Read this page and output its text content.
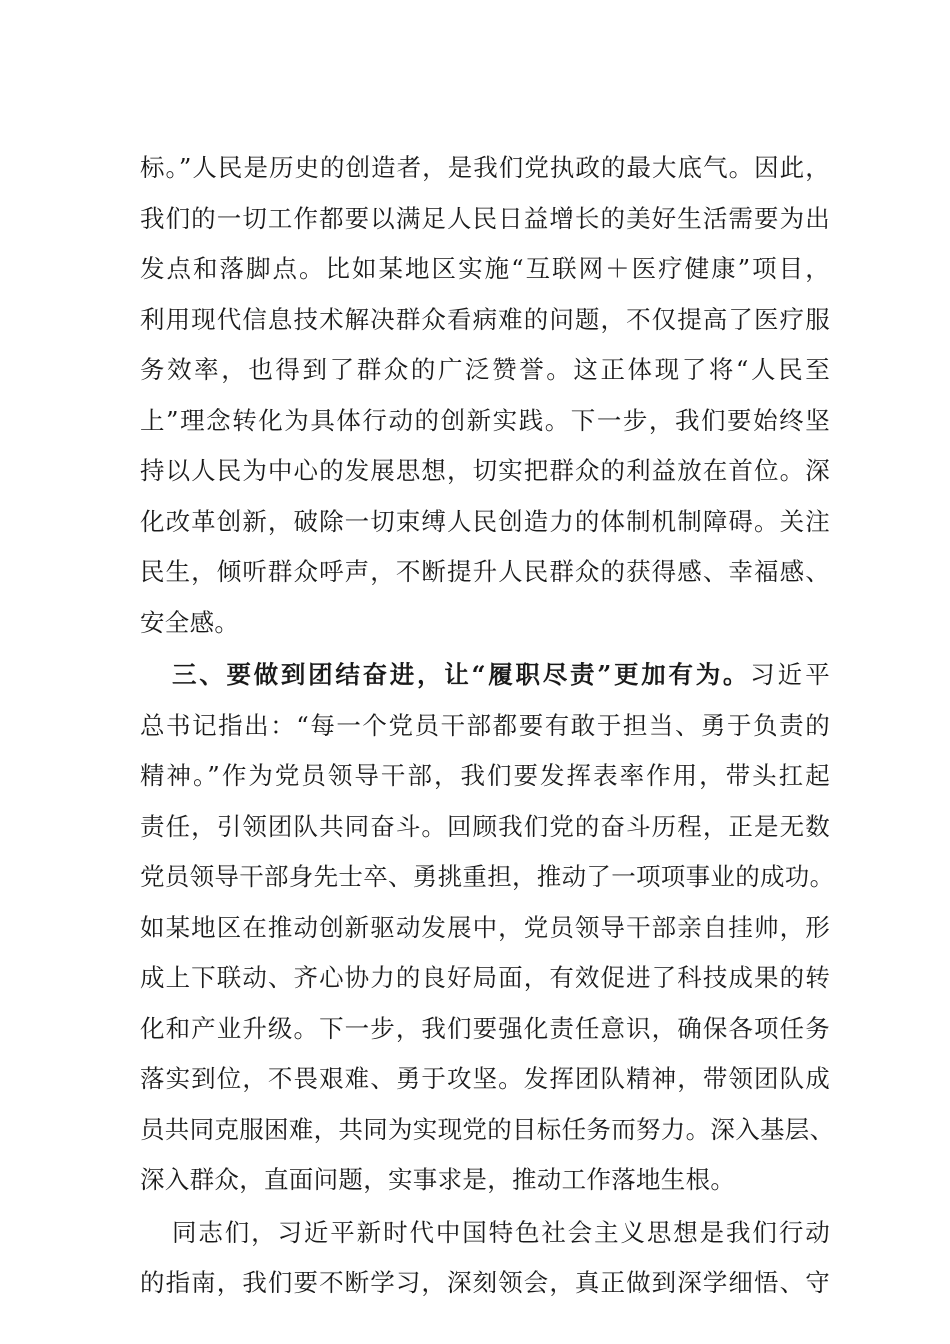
标。”人民是历史的创造者，是我们党执政的最大底气。因此，
我们的一切工作都要以满足人民日益增长的美好生活需要为出
发点和落脚点。比如某地区实施“互联网＋医疗健康”项目，
利用现代信息技术解决群众看病难的问题，不仅提高了医疗服
务效率，也得到了群众的广泛赞誉。这正体现了将“人民至
上”理念转化为具体行动的创新实践。下一步，我们要始终坚
持以人民为中心的发展思想，切实把群众的利益放在首位。深
化改革创新，破除一切束缚人民创造力的体制机制障碍。关注
民生，倾听群众呼声，不断提升人民群众的获得感、幸福感、
安全感。
三、要做到团结奋进，让“履职尽责”更加有为。习近平
总书记指出：“每一个党员干部都要有敢于担当、勇于负责的
精神。”作为党员领导干部，我们要发挥表率作用，带头扛起
责任，引领团队共同奋斗。回顾我们党的奋斗历程，正是无数
党员领导干部身先士卒、勇挑重担，推动了一项项事业的成功。
如某地区在推动创新驱动发展中，党员领导干部亲自挂帅，形
成上下联动、齐心协力的良好局面，有效促进了科技成果的转
化和产业升级。下一步，我们要强化责任意识，确保各项任务
落实到位，不畏艰难、勇于攻坚。发挥团队精神，带领团队成
员共同克服困难，共同为实现党的目标任务而努力。深入基层、
深入群众，直面问题，实事求是，推动工作落地生根。
同志们，习近平新时代中国特色社会主义思想是我们行动
的指南，我们要不断学习，深刻领会，真正做到深学细悟、守
